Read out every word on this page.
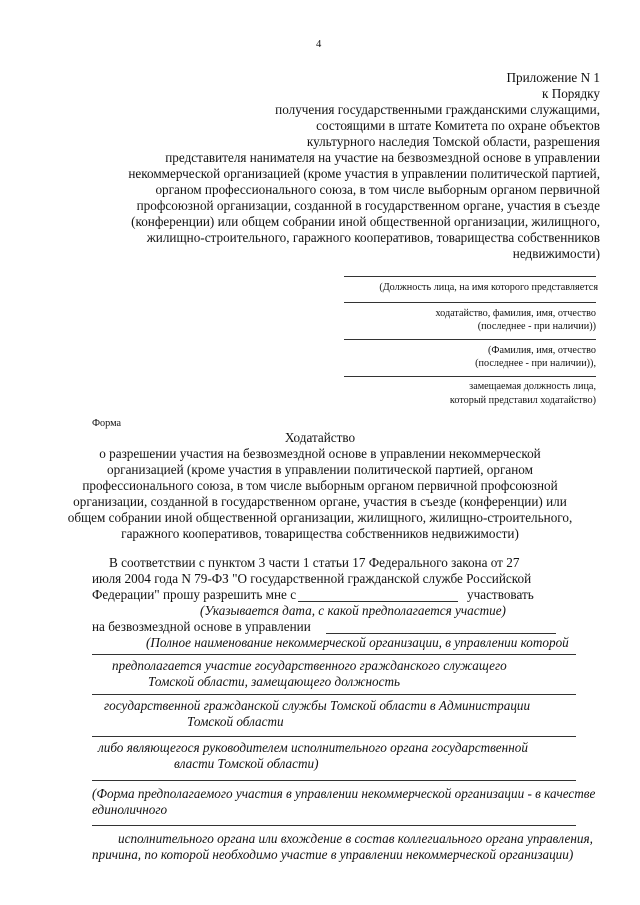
4
Приложение N 1
к Порядку
получения государственными гражданскими служащими,
состоящими в штате Комитета по охране объектов
культурного наследия Томской области, разрешения
представителя нанимателя на участие на безвозмездной основе в управлении
некоммерческой организацией (кроме участия в управлении политической партией,
органом профессионального союза, в том числе выборным органом первичной
профсоюзной организации, созданной в государственном органе, участия в съезде
(конференции) или общем собрании иной общественной организации, жилищного,
жилищно-строительного, гаражного кооперативов, товарищества собственников
недвижимости)
(Должность лица, на имя которого представляется
ходатайство, фамилия, имя, отчество
(последнее - при наличии))
(Фамилия, имя, отчество
(последнее - при наличии)),
замещаемая должность лица,
который представил ходатайство)
Форма
Ходатайство
о разрешении участия на безвозмездной основе в управлении некоммерческой
организацией (кроме участия в управлении политической партией, органом
профессионального союза, в том числе выборным органом первичной профсоюзной
организации, созданной в государственном органе, участия в съезде (конференции) или
общем собрании иной общественной организации, жилищного, жилищно-строительного,
гаражного кооперативов, товарищества собственников недвижимости)
В соответствии с пунктом 3 части 1 статьи 17 Федерального закона от 27
июля 2004 года N 79-ФЗ "О государственной гражданской службе Российской
Федерации" прошу разрешить мне с	участвовать
(Указывается дата, с какой предполагается участие)
на безвозмездной основе в управлении
(Полное наименование некоммерческой организации, в управлении которой
предполагается участие государственного гражданского служащего
Томской области, замещающего должность
государственной гражданской службы Томской области в Администрации
Томской области
либо являющегося руководителем исполнительного органа государственной
власти Томской области)
(Форма предполагаемого участия в управлении некоммерческой организации - в качестве
единоличного
исполнительного органа или вхождение в состав коллегиального органа управления,
причина, по которой необходимо участие в управлении некоммерческой организации)
